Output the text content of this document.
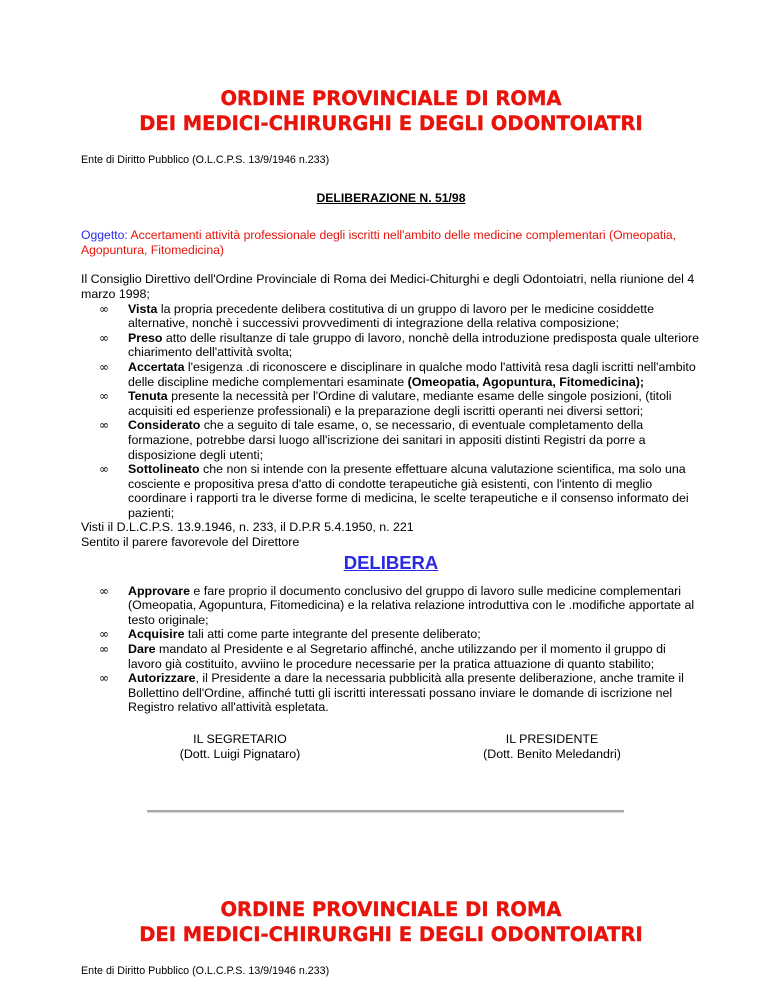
ORDINE PROVINCIALE DI ROMA
DEI MEDICI-CHIRURGHI E DEGLI ODONTOIATRI
Ente di Diritto Pubblico (O.L.C.P.S. 13/9/1946 n.233)
DELIBERAZIONE N. 51/98
Oggetto: Accertamenti attività professionale degli iscritti nell'ambito delle medicine complementari (Omeopatia, Agopuntura, Fitomedicina)
Il Consiglio Direttivo dell'Ordine Provinciale di Roma dei Medici-Chiturghi e degli Odontoiatri, nella riunione del 4 marzo 1998;
∞ Vista la propria precedente delibera costitutiva di un gruppo di lavoro per le medicine cosiddette alternative, nonchè i successivi provvedimenti di integrazione della relativa composizione;
∞ Preso atto delle risultanze di tale gruppo di lavoro, nonchè della introduzione predisposta quale ulteriore chiarimento dell'attività svolta;
∞ Accertata l'esigenza .di riconoscere e disciplinare in qualche modo l'attività resa dagli iscritti nell'ambito delle discipline mediche complementari esaminate (Omeopatia, Agopuntura, Fitomedicina);
∞ Tenuta presente la necessità per l'Ordine di valutare, mediante esame delle singole posizioni, (titoli acquisiti ed esperienze professionali) e la preparazione degli iscritti operanti nei diversi settori;
∞ Considerato che a seguito di tale esame, o, se necessario, di eventuale completamento della formazione, potrebbe darsi luogo all'iscrizione dei sanitari in appositi distinti Registri da porre a disposizione degli utenti;
∞ Sottolineato che non si intende con la presente effettuare alcuna valutazione scientifica, ma solo una cosciente e propositiva presa d'atto di condotte terapeutiche già esistenti, con l'intento di meglio coordinare i rapporti tra le diverse forme di medicina, le scelte terapeutiche e il consenso informato dei pazienti;
Visti il D.L.C.P.S. 13.9.1946, n. 233, il D.P.R 5.4.1950, n. 221
Sentito il parere favorevole del Direttore
DELIBERA
∞ Approvare e fare proprio il documento conclusivo del gruppo di lavoro sulle medicine complementari (Omeopatia, Agopuntura, Fitomedicina) e la relativa relazione introduttiva con le .modifiche apportate al testo originale;
∞ Acquisire tali atti come parte integrante del presente deliberato;
∞ Dare mandato al Presidente e al Segretario affinché, anche utilizzando per il momento il gruppo di lavoro già costituito, avviino le procedure necessarie per la pratica attuazione di quanto stabilito;
∞ Autorizzare, il Presidente a dare la necessaria pubblicità alla presente deliberazione, anche tramite il Bollettino dell'Ordine, affinché tutti gli iscritti interessati possano inviare le domande di iscrizione nel Registro relativo all'attività espletata.
IL SEGRETARIO
(Dott. Luigi Pignataro)
IL PRESIDENTE
(Dott. Benito Meledandri)
ORDINE PROVINCIALE DI ROMA
DEI MEDICI-CHIRURGHI E DEGLI ODONTOIATRI
Ente di Diritto Pubblico (O.L.C.P.S. 13/9/1946 n.233)
